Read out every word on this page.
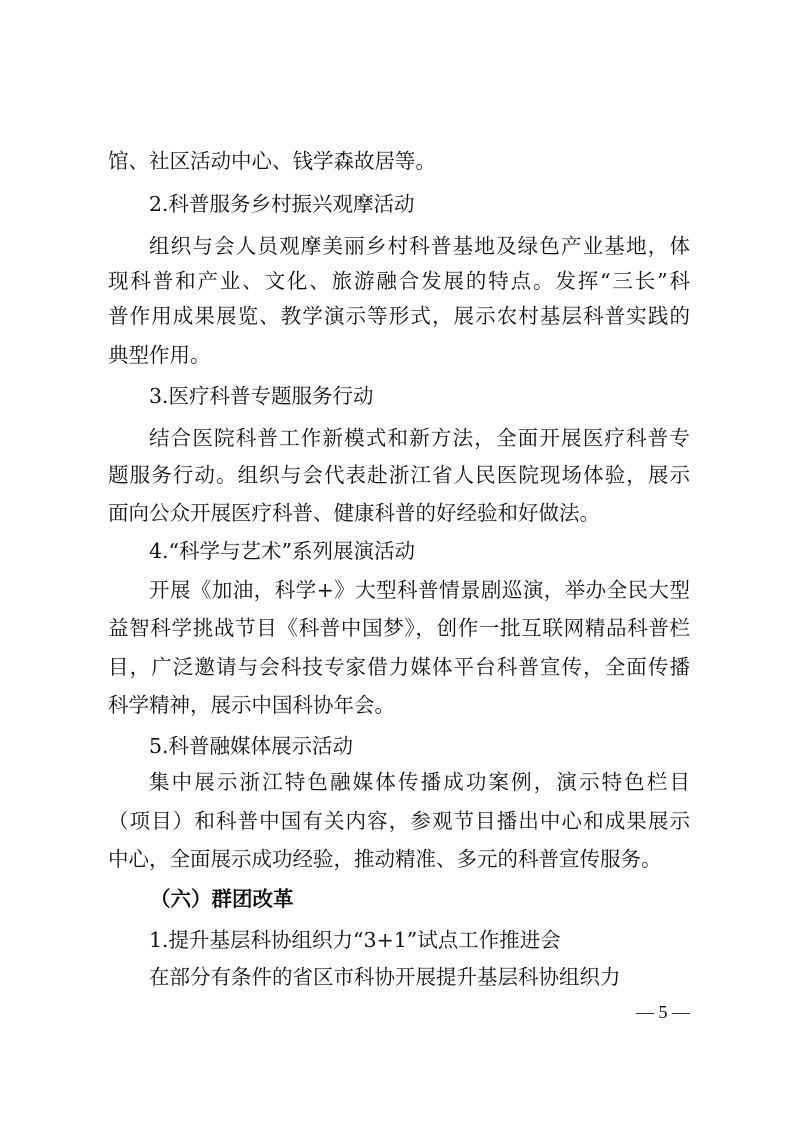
馆、社区活动中心、钱学森故居等。

2.科普服务乡村振兴观摩活动

组织与会人员观摩美丽乡村科普基地及绿色产业基地，体

现科普和产业、文化、旅游融合发展的特点。发挥“三长”科

普作用成果展览、教学演示等形式，展示农村基层科普实践的

典型作用。

3.医疗科普专题服务行动

结合医院科普工作新模式和新方法，全面开展医疗科普专

题服务行动。组织与会代表赴浙江省人民医院现场体验，展示

面向公众开展医疗科普、健康科普的好经验和好做法。

4.“科学与艺术”系列展演活动

开展《加油，科学+》大型科普情景剧巡演，举办全民大型

益智科学挑战节目《科普中国梦》，创作一批互联网精品科普栏

目，广泛邀请与会科技专家借力媒体平台科普宣传，全面传播

科学精神，展示中国科协年会。

5.科普融媒体展示活动

集中展示浙江特色融媒体传播成功案例，演示特色栏目

（项目）和科普中国有关内容，参观节目播出中心和成果展示

中心，全面展示成功经验，推动精准、多元的科普宣传服务。

（六）群团改革

1.提升基层科协组织力“3+1”试点工作推进会

在部分有条件的省区市科协开展提升基层科协组织力

— 5 —
